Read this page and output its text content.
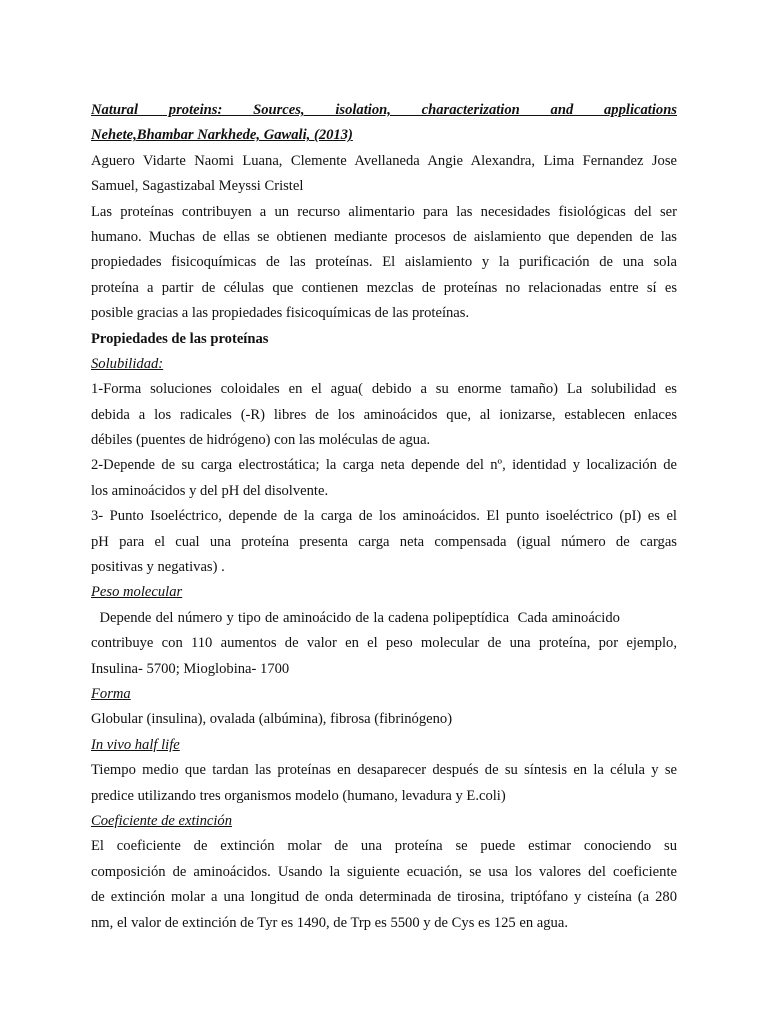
Natural proteins: Sources, isolation, characterization and applications
Nehete,Bhambar Narkhede, Gawali, (2013)
Aguero Vidarte Naomi Luana, Clemente Avellaneda Angie Alexandra, Lima Fernandez Jose
Samuel, Sagastizabal Meyssi Cristel
Las proteínas contribuyen a un recurso alimentario para las necesidades fisiológicas del ser
humano. Muchas de ellas se obtienen mediante procesos de aislamiento que dependen de las
propiedades fisicoquímicas de las proteínas. El aislamiento y la purificación de una sola
proteína a partir de células que contienen mezclas de proteínas no relacionadas entre sí es
posible gracias a las propiedades fisicoquímicas de las proteínas.
Propiedades de las proteínas
Solubilidad:
1-Forma soluciones coloidales en el agua( debido a su enorme tamaño) La solubilidad es
debida a los radicales (-R) libres de los aminoácidos que, al ionizarse, establecen enlaces
débiles (puentes de hidrógeno) con las moléculas de agua.
2-Depende de su carga electrostática; la carga neta depende del nº, identidad y localización de
los aminoácidos y del pH del disolvente.
3- Punto Isoeléctrico, depende de la carga de los aminoácidos. El punto isoeléctrico (pI) es el
pH para el cual una proteína presenta carga neta compensada (igual número de cargas
positivas y negativas) .
Peso molecular
Depende del número y tipo de aminoácido de la cadena polipeptídica  Cada aminoácido
contribuye con 110 aumentos de valor en el peso molecular de una proteína, por ejemplo,
Insulina- 5700; Mioglobina- 1700
Forma
Globular (insulina), ovalada (albúmina), fibrosa (fibrinógeno)
In vivo half life
Tiempo medio que tardan las proteínas en desaparecer después de su síntesis en la célula y se
predice utilizando tres organismos modelo (humano, levadura y E.coli)
Coeficiente de extinción
El coeficiente de extinción molar de una proteína se puede estimar conociendo su
composición de aminoácidos. Usando la siguiente ecuación, se usa los valores del coeficiente
de extinción molar a una longitud de onda determinada de tirosina, triptófano y cisteína (a 280
nm, el valor de extinción de Tyr es 1490, de Trp es 5500 y de Cys es 125 en agua.
